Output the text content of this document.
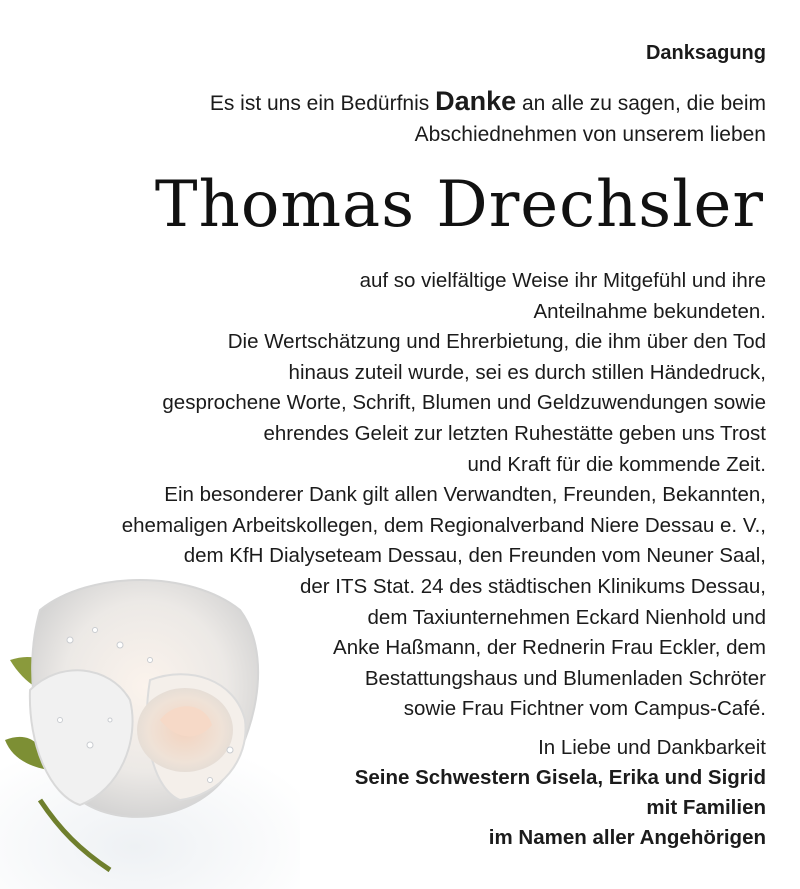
Danksagung
Es ist uns ein Bedürfnis Danke an alle zu sagen, die beim
Abschiednehmen von unserem lieben
Thomas Drechsler
auf so vielfältige Weise ihr Mitgefühl und ihre
Anteilnahme bekundeten.
Die Wertschätzung und Ehrerbietung, die ihm über den Tod
hinaus zuteil wurde, sei es durch stillen Händedruck,
gesprochene Worte, Schrift, Blumen und Geldzuwendungen sowie
ehrendes Geleit zur letzten Ruhestätte geben uns Trost
und Kraft für die kommende Zeit.
Ein besonderer Dank gilt allen Verwandten, Freunden, Bekannten,
ehemaligen Arbeitskollegen, dem Regionalverband Niere Dessau e. V.,
dem KfH Dialyseteam Dessau, den Freunden vom Neuner Saal,
der ITS Stat. 24 des städtischen Klinikums Dessau,
dem Taxiunternehmen Eckard Nienhold und
Anke Haßmann, der Rednerin Frau Eckler, dem
Bestattungshaus und Blumenladen Schröter
sowie Frau Fichtner vom Campus-Café.
In Liebe und Dankbarkeit
Seine Schwestern Gisela, Erika und Sigrid
mit Familien
im Namen aller Angehörigen
